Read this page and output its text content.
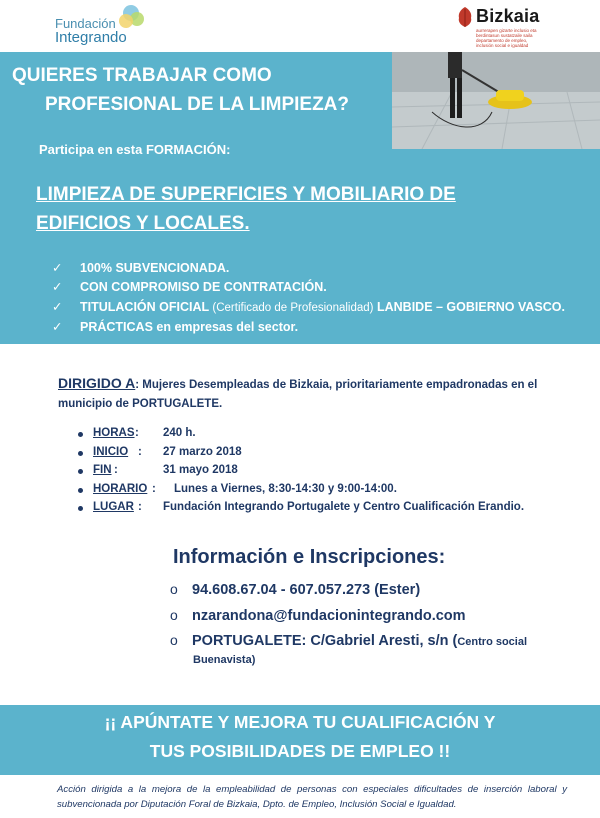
Fundación
Integrando
Bizkaia
aurrerapen gizarte inclusio eta berdintasun sustatzaile saila departamento de empleo, inclusión social e igualdad
QUIERES TRABAJAR COMO
PROFESIONAL DE LA LIMPIEZA?
Participa en esta FORMACIÓN:
LIMPIEZA DE SUPERFICIES Y MOBILIARIO DE
EDIFICIOS Y LOCALES.
✓ 100% SUBVENCIONADA.
✓ CON COMPROMISO DE CONTRATACIÓN.
✓ TITULACIÓN OFICIAL (Certificado de Profesionalidad) LANBIDE – GOBIERNO VASCO.
✓ PRÁCTICAS en empresas del sector.
DIRIGIDO A: Mujeres Desempleadas de Bizkaia, prioritariamente empadronadas en el municipio de PORTUGALETE.
HORAS : 240 h.
INICIO : 27 marzo 2018
FIN :	31 mayo 2018
HORARIO : Lunes a Viernes, 8:30-14:30 y 9:00-14:00.
LUGAR : Fundación Integrando Portugalete y Centro Cualificación Erandio.
Información e Inscripciones:
o 94.608.67.04 - 607.057.273 (Ester)
o nzarandona@fundacionintegrando.com
o PORTUGALETE: C/Gabriel Aresti, s/n (Centro social
Buenavista)
¡¡ APÚNTATE Y MEJORA TU CUALIFICACIÓN Y
TUS POSIBILIDADES DE EMPLEO !!
Acción dirigida a la mejora de la empleabilidad de personas con especiales dificultades de inserción laboral y subvencionada por Diputación Foral de Bizkaia, Dpto. de Empleo, Inclusión Social e Igualdad.
